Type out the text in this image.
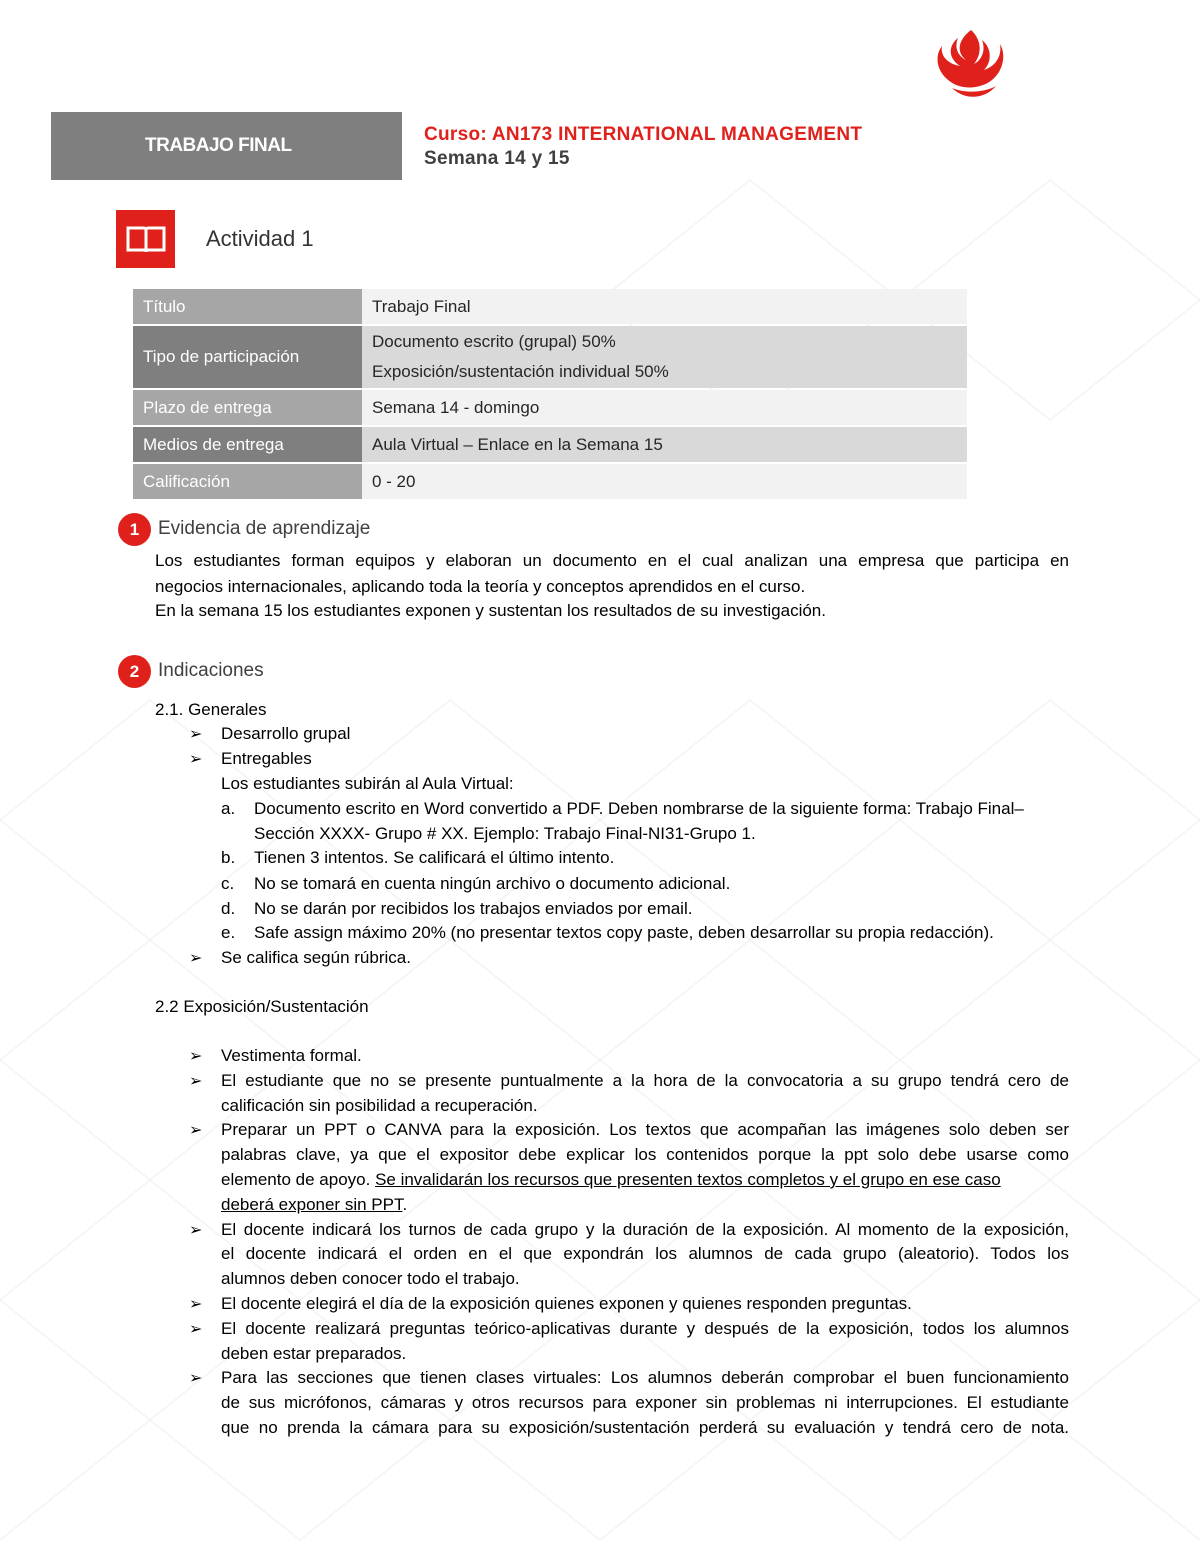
TRABAJO FINAL
Curso: AN173 INTERNATIONAL MANAGEMENT
Semana 14 y 15
Actividad 1
Título	Trabajo Final
Tipo de participación	Documento escrito (grupal) 50%
Exposición/sustentación individual 50%

Plazo de entrega	Semana 14 - domingo
Medios de entrega	Aula Virtual – Enlace en la Semana 15
Calificación	0 - 20
1 Evidencia de aprendizaje
Los estudiantes forman equipos y elaboran un documento en el cual analizan una empresa que participa en
negocios internacionales, aplicando toda la teoría y conceptos aprendidos en el curso.
En la semana 15 los estudiantes exponen y sustentan los resultados de su investigación.
2 Indicaciones
2.1. Generales
➢ Desarrollo grupal
➢ Entregables
Los estudiantes subirán al Aula Virtual:
a. Documento escrito en Word convertido a PDF. Deben nombrarse de la siguiente forma: Trabajo Final–
Sección XXXX- Grupo # XX. Ejemplo: Trabajo Final-NI31-Grupo 1.
b. Tienen 3 intentos. Se calificará el último intento.
c. No se tomará en cuenta ningún archivo o documento adicional.
d. No se darán por recibidos los trabajos enviados por email.
e. Safe assign máximo 20% (no presentar textos copy paste, deben desarrollar su propia redacción).
➢ Se califica según rúbrica.
2.2 Exposición/Sustentación
➢ Vestimenta formal.
➢ El estudiante que no se presente puntualmente a la hora de la convocatoria a su grupo tendrá cero de
calificación sin posibilidad a recuperación.
➢ Preparar un PPT o CANVA para la exposición. Los textos que acompañan las imágenes solo deben ser
palabras clave, ya que el expositor debe explicar los contenidos porque la ppt solo debe usarse como
elemento de apoyo. Se invalidarán los recursos que presenten textos completos y el grupo en ese caso
deberá exponer sin PPT.
➢ El docente indicará los turnos de cada grupo y la duración de la exposición. Al momento de la exposición,
el docente indicará el orden en el que expondrán los alumnos de cada grupo (aleatorio). Todos los
alumnos deben conocer todo el trabajo.
➢ El docente elegirá el día de la exposición quienes exponen y quienes responden preguntas.
➢ El docente realizará preguntas teórico-aplicativas durante y después de la exposición, todos los alumnos
deben estar preparados.
➢ Para las secciones que tienen clases virtuales: Los alumnos deberán comprobar el buen funcionamiento
de sus micrófonos, cámaras y otros recursos para exponer sin problemas ni interrupciones. El estudiante
que no prenda la cámara para su exposición/sustentación perderá su evaluación y tendrá cero de nota.
